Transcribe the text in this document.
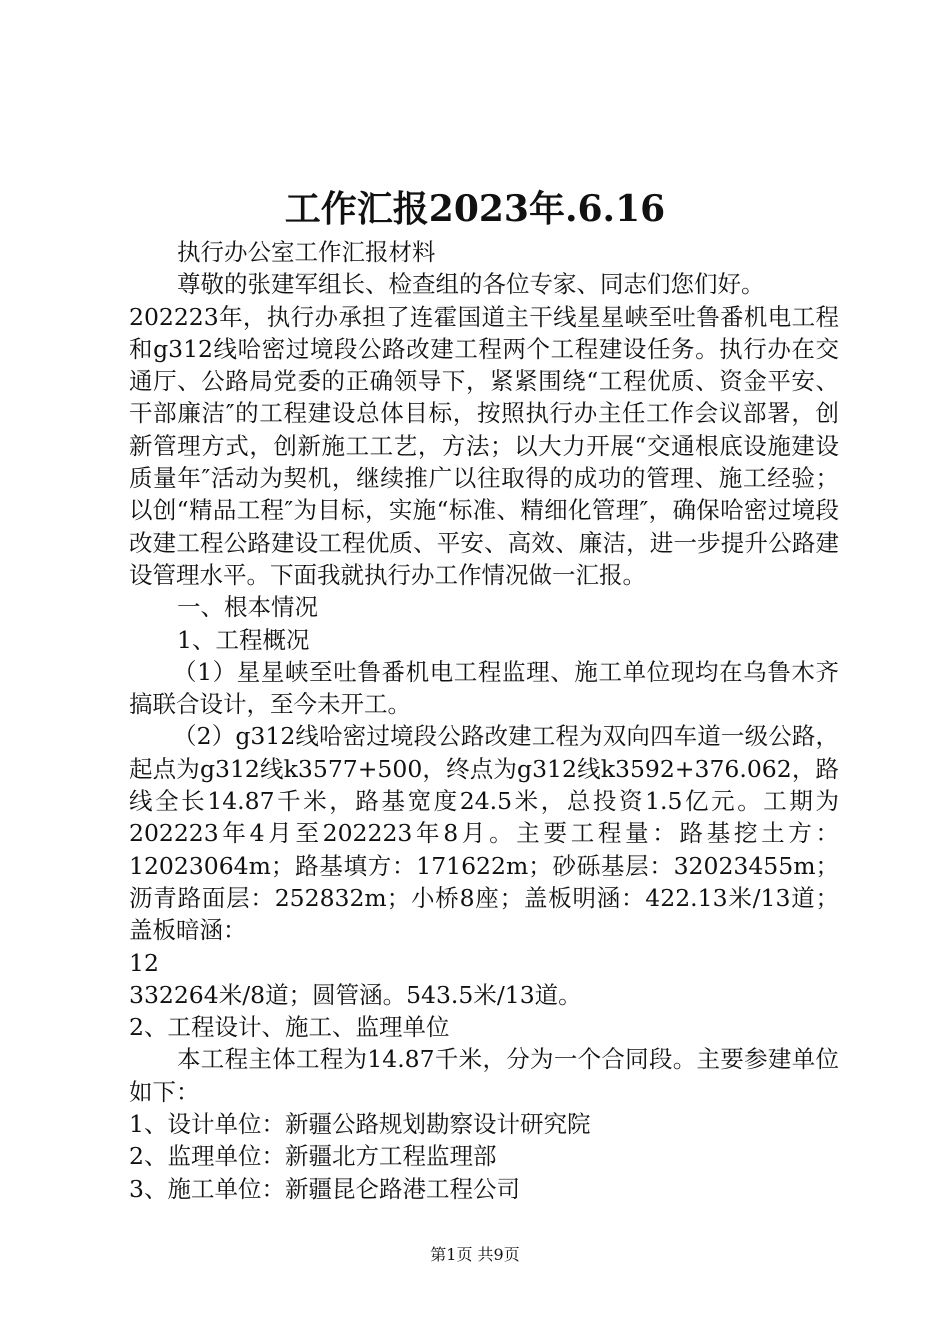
工作汇报2023年.6.16

执行办公室工作汇报材料

尊敬的张建军组长、检查组的各位专家、同志们您们好。

202223年，执行办承担了连霍国道主干线星星峡至吐鲁番机电工程和g312线哈密过境段公路改建工程两个工程建设任务。执行办在交通厅、公路局党委的正确领导下，紧紧围绕“工程优质、资金平安、干部廉洁″的工程建设总体目标，按照执行办主任工作会议部署，创新管理方式，创新施工工艺，方法；以大力开展“交通根底设施建设质量年″活动为契机，继续推广以往取得的成功的管理、施工经验；以创“精品工程″为目标，实施“标准、精细化管理″，确保哈密过境段改建工程公路建设工程优质、平安、高效、廉洁，进一步提升公路建设管理水平。下面我就执行办工作情况做一汇报。

一、根本情况

1、工程概况

（1）星星峡至吐鲁番机电工程监理、施工单位现均在乌鲁木齐搞联合设计，至今未开工。

（2）g312线哈密过境段公路改建工程为双向四车道一级公路，起点为g312线k3577+500，终点为g312线k3592+376.062，路线全长14.87千米，路基宽度24.5米，总投资1.5亿元。工期为202223年4月至202223年8月。主要工程量：路基挖土方：12023064m；路基填方：171622m；砂砾基层：32023455m；沥青路面层：252832m；小桥8座；盖板明涵：422.13米/13道；盖板暗涵：

12

332264米/8道；圆管涵。543.5米/13道。

2、工程设计、施工、监理单位

本工程主体工程为14.87千米，分为一个合同段。主要参建单位如下：

1、设计单位：新疆公路规划勘察设计研究院

2、监理单位：新疆北方工程监理部

3、施工单位：新疆昆仑路港工程公司

第1页 共9页
